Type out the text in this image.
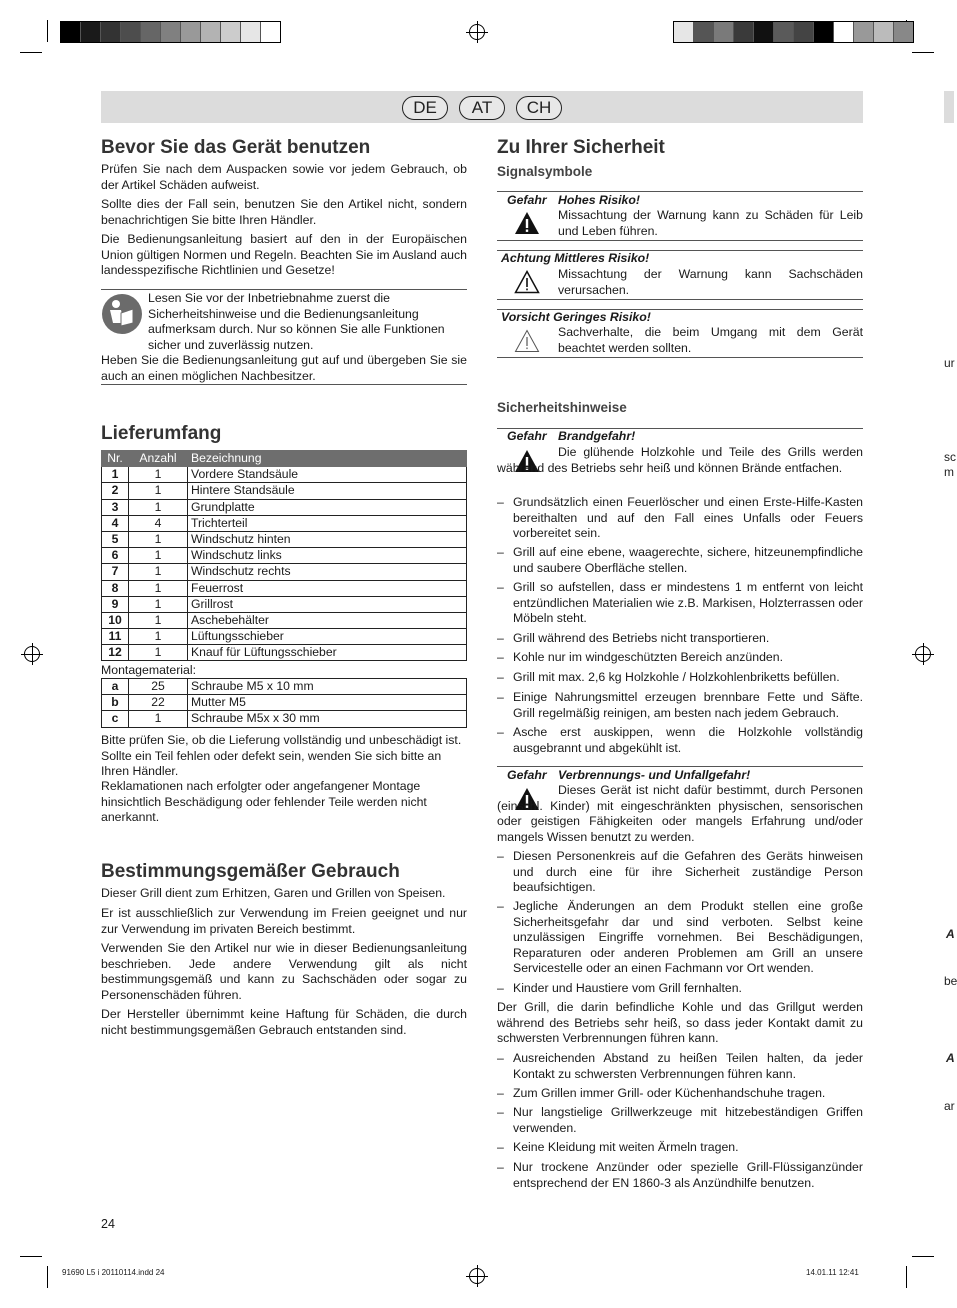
DE	AT	CH
Bevor Sie das Gerät benutzen

Prüfen Sie nach dem Auspacken sowie vor jedem Gebrauch, ob der Artikel Schäden aufweist.

Sollte dies der Fall sein, benutzen Sie den Artikel nicht, sondern benachrichtigen Sie bitte Ihren Händler.

Die Bedienungsanleitung basiert auf den in der Europäischen Union gültigen Normen und Regeln. Beachten Sie im Ausland auch landesspezifische Richtlinien und Gesetze!

Lesen Sie vor der Inbetriebnahme zuerst die Sicherheitshinweise und die Bedienungsanleitung aufmerksam durch. Nur so können Sie alle Funktionen sicher und zuverlässig nutzen.

Heben Sie die Bedienungsanleitung gut auf und übergeben Sie sie auch an einen möglichen Nachbesitzer.

Lieferumfang
Nr.	Anzahl	Bezeichnung
1	1	Vordere Standsäule
2	1	Hintere Standsäule
3	1	Grundplatte
4	4	Trichterteil
5	1	Windschutz hinten
6	1	Windschutz links
7	1	Windschutz rechts
8	1	Feuerrost
9	1	Grillrost
10	1	Aschebehälter
11	1	Lüftungsschieber
12	1	Knauf für Lüftungsschieber
Montagematerial:
a	25	Schraube M5 x 10 mm
b	22	Mutter M5
c	1	Schraube M5x x 30 mm

Bitte prüfen Sie, ob die Lieferung vollständig und unbeschädigt ist. Sollte ein Teil fehlen oder defekt sein, wenden Sie sich bitte an Ihren Händler.

Reklamationen nach erfolgter oder angefangener Montage hinsichtlich Beschädigung oder fehlender Teile werden nicht anerkannt.

Bestimmungsgemäßer Gebrauch

Dieser Grill dient zum Erhitzen, Garen und Grillen von Speisen.

Er ist ausschließlich zur Verwendung im Freien geeignet und nur zur Verwendung im privaten Bereich bestimmt.

Verwenden Sie den Artikel nur wie in dieser Bedienungsanleitung beschrieben. Jede andere Verwendung gilt als nicht bestimmungsgemäß und kann zu Sachschäden oder sogar zu Personenschäden führen.

Der Hersteller übernimmt keine Haftung für Schäden, die durch nicht bestimmungsgemäßen Gebrauch entstanden sind.

Zu Ihrer Sicherheit
Signalsymbole
Gefahr Hohes Risiko!

Missachtung der Warnung kann zu Schäden für Leib und Leben führen.

Achtung Mittleres Risiko!

Missachtung der Warnung kann Sachschäden verursachen.

Vorsicht Geringes Risiko!

Sachverhalte, die beim Umgang mit dem Gerät beachtet werden sollten.

Sicherheitshinweise
Gefahr Brandgefahr!

Die glühende Holzkohle und Teile des Grills werden während des Betriebs sehr heiß und können Brände entfachen.

– Grundsätzlich einen Feuerlöscher und einen Erste-Hilfe-Kasten bereithalten und auf den Fall eines Unfalls oder Feuers vorbereitet sein.

– Grill auf eine ebene, waagerechte, sichere, hitzeunempfindliche und saubere Oberfläche stellen.

– Grill so aufstellen, dass er mindestens 1 m entfernt von leicht entzündlichen Materialien wie z.B. Markisen, Holzterrassen oder Möbeln steht.

– Grill während des Betriebs nicht transportieren.

– Kohle nur im windgeschützten Bereich anzünden.

– Grill mit max. 2,6 kg Holzkohle / Holzkohlenbriketts befüllen.

– Einige Nahrungsmittel erzeugen brennbare Fette und Säfte. Grill regelmäßig reinigen, am besten nach jedem Gebrauch.

– Asche erst auskippen, wenn die Holzkohle vollständig ausgebrannt und abgekühlt ist.

Gefahr Verbrennungs- und Unfallgefahr!

Dieses Gerät ist nicht dafür bestimmt, durch Personen (einschl. Kinder) mit eingeschränkten physischen, sensorischen oder geistigen Fähigkeiten oder mangels Erfahrung und/oder mangels Wissen benutzt zu werden.

– Diesen Personenkreis auf die Gefahren des Geräts hinweisen und durch eine für ihre Sicherheit zuständige Person beaufsichtigen.

– Jegliche Änderungen an dem Produkt stellen eine große Sicherheitsgefahr dar und sind verboten. Selbst keine unzulässigen Eingriffe vornehmen. Bei Beschädigungen, Reparaturen oder anderen Problemen am Grill an unsere Servicestelle oder an einen Fachmann vor Ort wenden.

– Kinder und Haustiere vom Grill fernhalten.

Der Grill, die darin befindliche Kohle und das Grillgut werden während des Betriebs sehr heiß, so dass jeder Kontakt damit zu schwersten Verbrennungen führen kann.

– Ausreichenden Abstand zu heißen Teilen halten, da jeder Kontakt zu schwersten Verbrennungen führen kann.

– Zum Grillen immer Grill- oder Küchenhandschuhe tragen.

– Nur langstielige Grillwerkzeuge mit hitzebeständigen Griffen verwenden.

– Keine Kleidung mit weiten Ärmeln tragen.

– Nur trockene Anzünder oder spezielle Grill-Flüssiganzünder entsprechend der EN 1860-3 als Anzündhilfe benutzen.

24
91690 L5 i 20110114.indd 24	14.01.11 12:41
ur
sc
m
A
be
A
ar
